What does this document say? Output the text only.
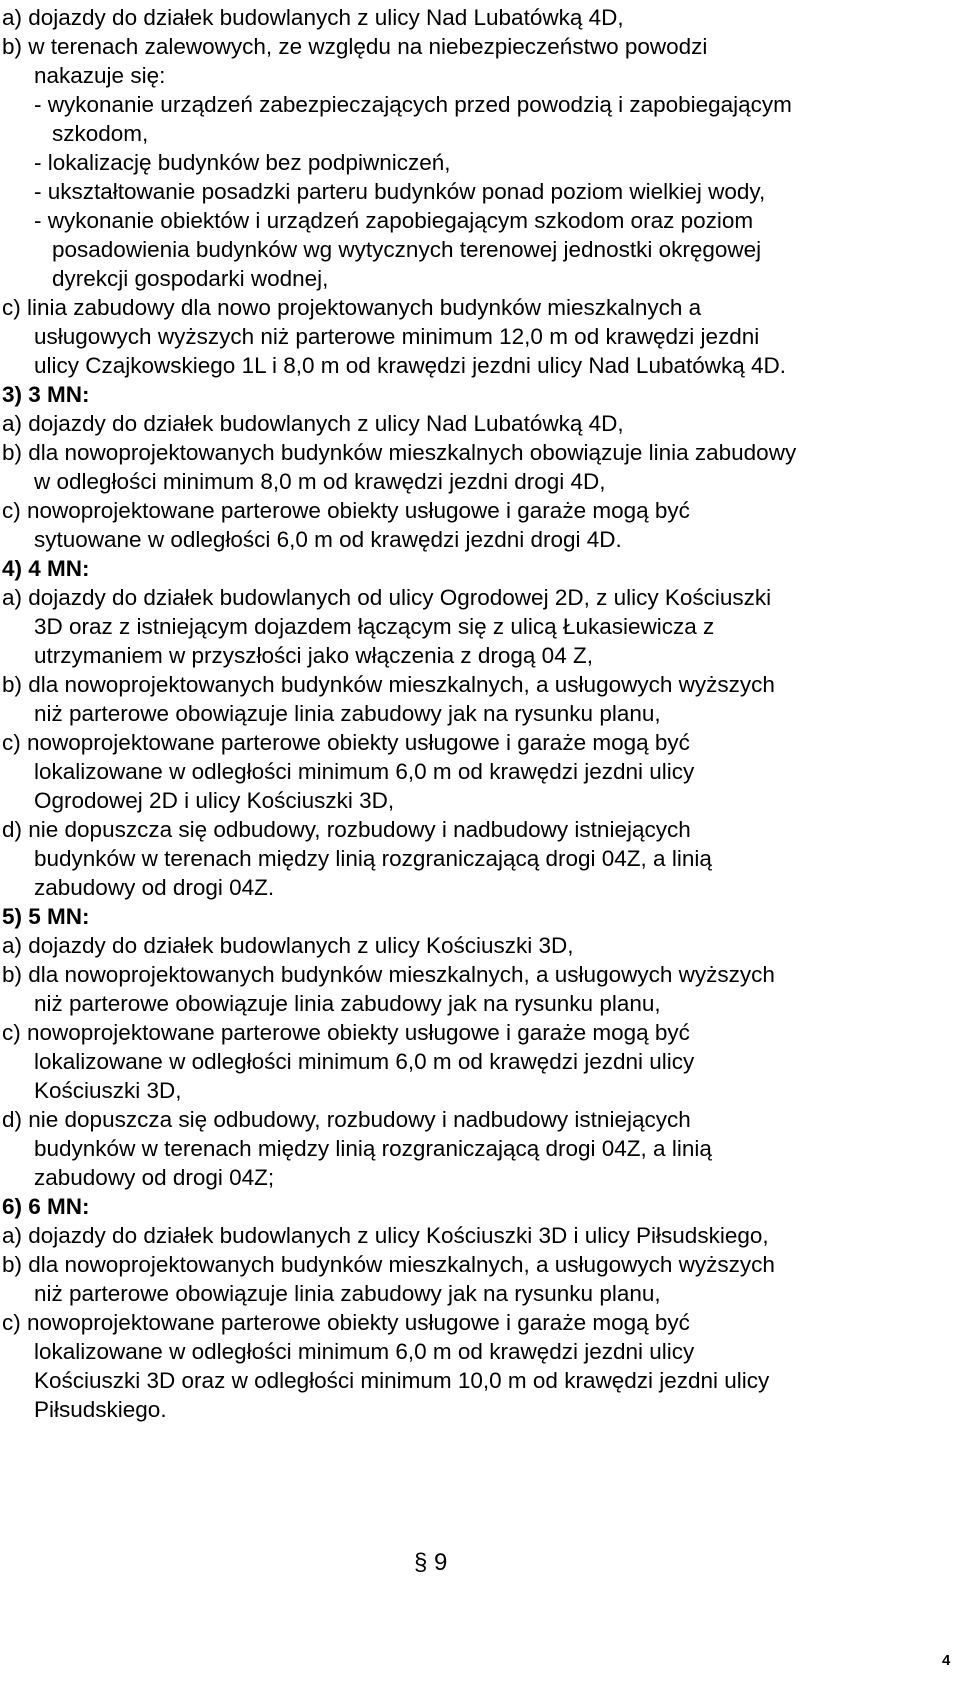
a) dojazdy do działek budowlanych z ulicy Nad Lubatówką 4D,
b) w terenach zalewowych, ze względu na niebezpieczeństwo powodzi
nakazuje się:
- wykonanie urządzeń zabezpieczających przed powodzią i zapobiegającym
szkodom,
- lokalizację budynków bez podpiwniczeń,
- ukształtowanie posadzki parteru budynków ponad poziom wielkiej wody,
- wykonanie obiektów i urządzeń zapobiegającym szkodom oraz poziom
posadowienia budynków wg wytycznych terenowej jednostki okręgowej
dyrekcji gospodarki wodnej,
c) linia zabudowy dla nowo projektowanych budynków mieszkalnych a
usługowych wyższych niż parterowe minimum 12,0 m od krawędzi jezdni
ulicy Czajkowskiego 1L i 8,0 m od krawędzi jezdni ulicy Nad Lubatówką 4D.
3) 3 MN:
a) dojazdy do działek budowlanych z ulicy Nad Lubatówką 4D,
b) dla nowoprojektowanych budynków mieszkalnych obowiązuje linia zabudowy
w odległości minimum 8,0 m od krawędzi jezdni drogi 4D,
c) nowoprojektowane parterowe obiekty usługowe i garaże mogą być
sytuowane w odległości 6,0 m od krawędzi jezdni drogi 4D.
4) 4 MN:
a) dojazdy do działek budowlanych od ulicy Ogrodowej 2D, z ulicy Kościuszki
3D oraz z istniejącym dojazdem łączącym się z ulicą Łukasiewicza z
utrzymaniem w przyszłości jako włączenia z drogą 04 Z,
b) dla nowoprojektowanych budynków mieszkalnych, a usługowych wyższych
niż parterowe obowiązuje linia zabudowy jak na rysunku planu,
c) nowoprojektowane parterowe obiekty usługowe i garaże mogą być
lokalizowane w odległości minimum 6,0 m od krawędzi jezdni ulicy
Ogrodowej 2D i ulicy Kościuszki 3D,
d) nie dopuszcza się odbudowy, rozbudowy i nadbudowy istniejących
budynków w terenach między linią rozgraniczającą drogi 04Z, a linią
zabudowy od drogi 04Z.
5) 5 MN:
a) dojazdy do działek budowlanych z ulicy Kościuszki 3D,
b) dla nowoprojektowanych budynków mieszkalnych, a usługowych wyższych
niż parterowe obowiązuje linia zabudowy jak na rysunku planu,
c) nowoprojektowane parterowe obiekty usługowe i garaże mogą być
lokalizowane w odległości minimum 6,0 m od krawędzi jezdni ulicy
Kościuszki 3D,
d) nie dopuszcza się odbudowy, rozbudowy i nadbudowy istniejących
budynków w terenach między linią rozgraniczającą drogi 04Z, a linią
zabudowy od drogi 04Z;
6) 6 MN:
a) dojazdy do działek budowlanych z ulicy Kościuszki 3D i ulicy Piłsudskiego,
b) dla nowoprojektowanych budynków mieszkalnych, a usługowych wyższych
niż parterowe obowiązuje linia zabudowy jak na rysunku planu,
c) nowoprojektowane parterowe obiekty usługowe i garaże mogą być
lokalizowane w odległości minimum 6,0 m od krawędzi jezdni ulicy
Kościuszki 3D oraz w odległości minimum 10,0 m od krawędzi jezdni ulicy
Piłsudskiego.
§ 9
4
